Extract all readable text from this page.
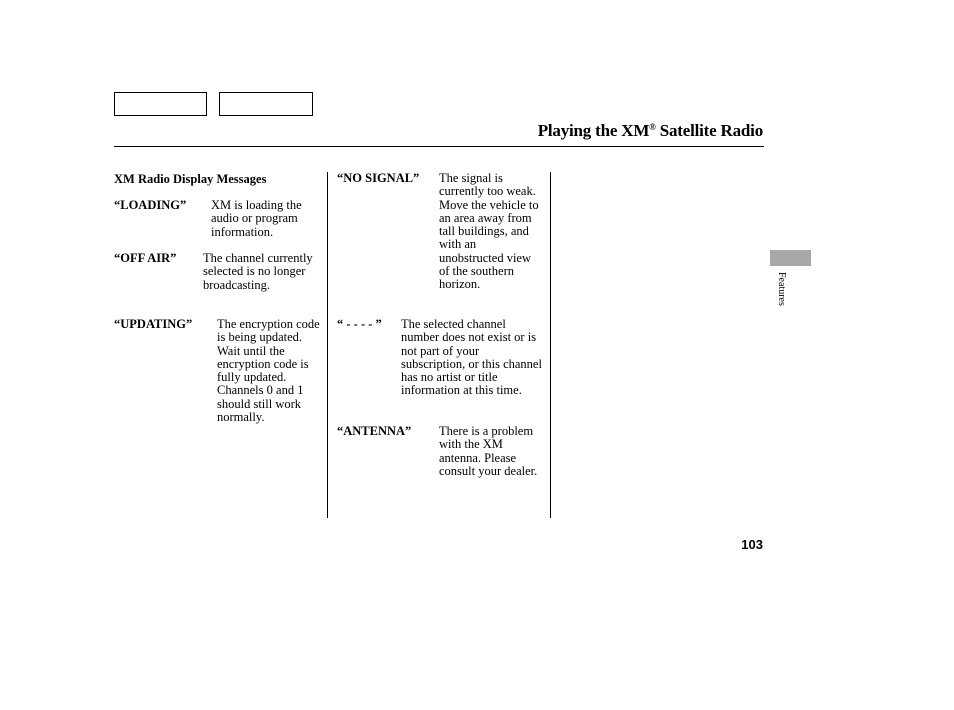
Playing the XM® Satellite Radio
Features
XM Radio Display Messages
“LOADING” XM is loading the audio or program information.
“OFF AIR” The channel currently selected is no longer broadcasting.
“UPDATING” The encryption code is being updated. Wait until the encryption code is fully updated. Channels 0 and 1 should still work normally.
“NO SIGNAL” The signal is currently too weak. Move the vehicle to an area away from tall buildings, and with an unobstructed view of the southern horizon.
“ - - - - ” The selected channel number does not exist or is not part of your subscription, or this channel has no artist or title information at this time.
“ANTENNA” There is a problem with the XM antenna. Please consult your dealer.
103
